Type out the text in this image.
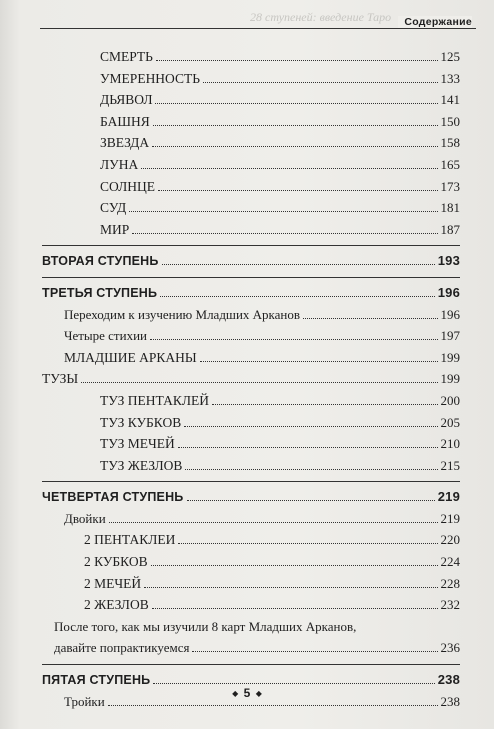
28 ступеней: введение Таро	Содержание
СМЕРТЬ	125
УМЕРЕННОСТЬ	133
ДЬЯВОЛ	141
БАШНЯ	150
ЗВЕЗДА	158
ЛУНА	165
СОЛНЦЕ	173
СУД	181
МИР	187
ВТОРАЯ СТУПЕНЬ	193
ТРЕТЬЯ СТУПЕНЬ	196
Переходим к изучению Младших Арканов	196
Четыре стихии	197
МЛАДШИЕ АРКАНЫ	199
ТУЗЫ	199
ТУЗ ПЕНТАКЛЕЙ	200
ТУЗ КУБКОВ	205
ТУЗ МЕЧЕЙ	210
ТУЗ ЖЕЗЛОВ	215
ЧЕТВЕРТАЯ СТУПЕНЬ	219
Двойки	219
2 ПЕНТАКЛЕИ	220
2 КУБКОВ	224
2 МЕЧЕЙ	228
2 ЖЕЗЛОВ	232
После того, как мы изучили 8 карт Младших Арканов,
давайте попрактикуемся	236
ПЯТАЯ СТУПЕНЬ	238
Тройки	238
◆ 5 ◆
